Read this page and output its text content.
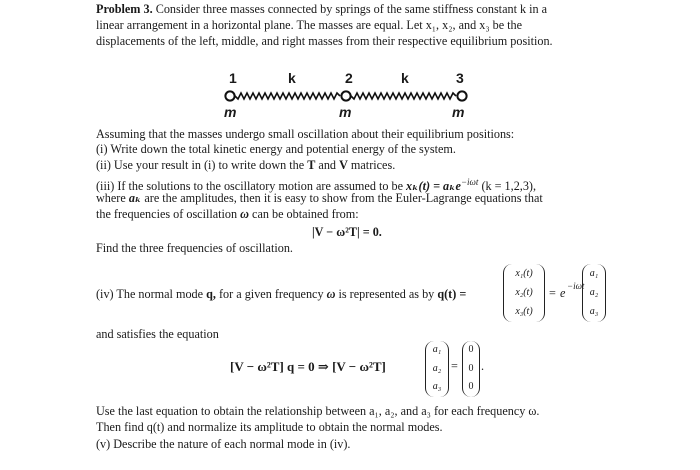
Problem 3. Consider three masses connected by springs of the same stiffness constant k in a
linear arrangement in a horizontal plane. The masses are equal. Let x₁, x₂, and x₃ be the
displacements of the left, middle, and right masses from their respective equilibrium position.
1	k	2	k	3
m	m	m
Assuming that the masses undergo small oscillation about their equilibrium positions:
(i) Write down the total kinetic energy and potential energy of the system.
(ii) Use your result in (i) to write down the T and V matrices.
(iii) If the solutions to the oscillatory motion are assumed to be xₖ(t) = aₖe$^{-i\omega t}$ (k = 1,2,3),
where aₖ are the amplitudes, then it is easy to show from the Euler-Lagrange equations that
the frequencies of oscillation ω can be obtained from:
|V − ω²T| = 0.
Find the three frequencies of oscillation.
(iv) The normal mode q, for a given frequency ω is represented as by q(t) =
x₁(t)
x₂(t)
x₃(t)
= e −iωt
a₁
a₂
a₃
and satisfies the equation
[V − ω²T] q = 0 ⇒ [V − ω²T]
a₁
a₂
a₃
=
0
0
0
.
Use the last equation to obtain the relationship between a₁, a₂, and a₃ for each frequency ω.
Then find q(t) and normalize its amplitude to obtain the normal modes.
(v) Describe the nature of each normal mode in (iv).
